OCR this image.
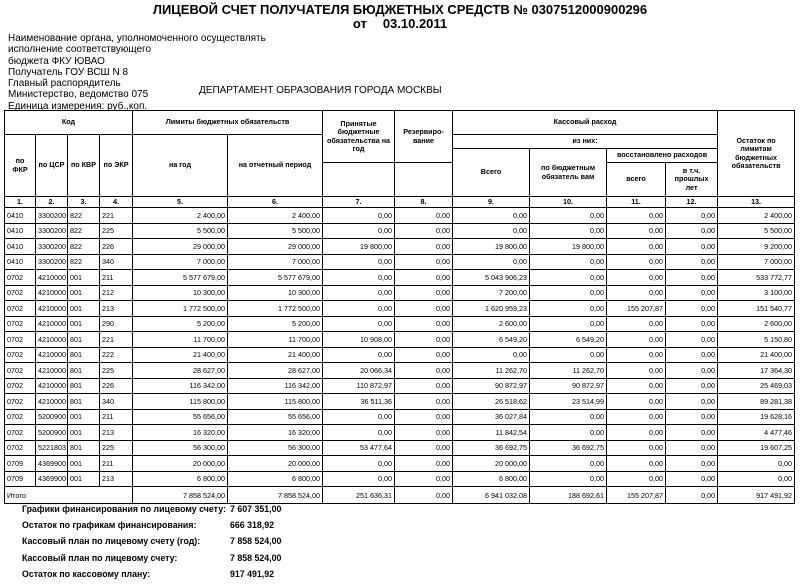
ЛИЦЕВОЙ СЧЕТ ПОЛУЧАТЕЛЯ БЮДЖЕТНЫХ СРЕДСТВ № 0307512000900296
от 03.10.2011
Наименование органа, уполномоченного осуществлять
исполнение соответствующего
бюджета ФКУ ЮВАО
Получатель ГОУ ВСШ N 8
Главный распорядитель
Министерство, ведомство 075
Единица измерения: руб.,коп.
ДЕПАРТАМЕНТ ОБРАЗОВАНИЯ ГОРОДА МОСКВЫ
Код				Лимиты бюджетных обязательств		Принятые бюджетные обязательства на год	Резервиро-вание	Кассовый расход				Остаток по лимитам бюджетных обязательств
по ФКР	по ЦСР	по КВР	по ЭКР	на год	на отчетный период			из них:				
								Всего	по бюджетным обязатель вам	восстановлено расходов		
										всего	в т.ч. прошлых лет	
1.	2.	3.	4.	5.	6.	7.	8.	9.	10.	11.	12.	13.
0410	3300200	822	221	2 400,00	2 400,00	0,00	0,00	0,00	0,00	0,00	0,00	2 400,00
0410	3300200	822	225	5 500,00	5 500,00	0,00	0,00	0,00	0,00	0,00	0,00	5 500,00
0410	3300200	822	226	29 000,00	29 000,00	19 800,00	0,00	19 800,00	19 800,00	0,00	0,00	9 200,00
0410	3300200	822	340	7 000,00	7 000,00	0,00	0,00	0,00	0,00	0,00	0,00	7 000,00
0702	4210000	001	211	5 577 679,00	5 577 679,00	0,00	0,00	5 043 906,23	0,00	0,00	0,00	533 772,77
0702	4210000	001	212	10 300,00	10 300,00	0,00	0,00	7 200,00	0,00	0,00	0,00	3 100,00
0702	4210000	001	213	1 772 500,00	1 772 500,00	0,00	0,00	1 620 959,23	0,00	155 207,87	0,00	151 540,77
0702	4210000	001	290	5 200,00	5 200,00	0,00	0,00	2 600,00	0,00	0,00	0,00	2 600,00
0702	4210000	801	221	11 700,00	11 700,00	10 908,00	0,00	6 549,20	6 549,20	0,00	0,00	5 150,80
0702	4210000	801	222	21 400,00	21 400,00	0,00	0,00	0,00	0,00	0,00	0,00	21 400,00
0702	4210000	801	225	28 627,00	28 627,00	20 066,34	0,00	11 262,70	11 262,70	0,00	0,00	17 364,30
0702	4210000	801	226	116 342,00	116 342,00	110 872,97	0,00	90 872,97	90 872,97	0,00	0,00	25 469,03
0702	4210000	801	340	115 800,00	115 800,00	36 511,36	0,00	26 518,62	23 514,99	0,00	0,00	89 281,38
0702	5200900	001	211	55 656,00	55 656,00	0,00	0,00	36 027,84	0,00	0,00	0,00	19 628,16
0702	5200900	001	213	16 320,00	16 320,00	0,00	0,00	11 842,54	0,00	0,00	0,00	4 477,46
0702	5221803	801	225	56 300,00	56 300,00	53 477,64	0,00	36 692,75	36 692,75	0,00	0,00	19 607,25
0709	4369900	001	211	20 000,00	20 000,00	0,00	0,00	20 000,00	0,00	0,00	0,00	0,00
0709	4369900	001	213	6 800,00	6 800,00	0,00	0,00	6 800,00	0,00	0,00	0,00	0,00
Итого				7 858 524,00	7 858 524,00	251 636,31	0,00	6 941 032,08	188 692,61	155 207,87	0,00	917 491,92
Графики финансирования по лицевому счету: 7 607 351,00
Остаток по графикам финансирования:	666 318,92
Кассовый план по лицевому счету (год):	7 858 524,00
Кассовый план по лицевому счету:	7 858 524,00
Остаток по кассовому плану:	917 491,92
